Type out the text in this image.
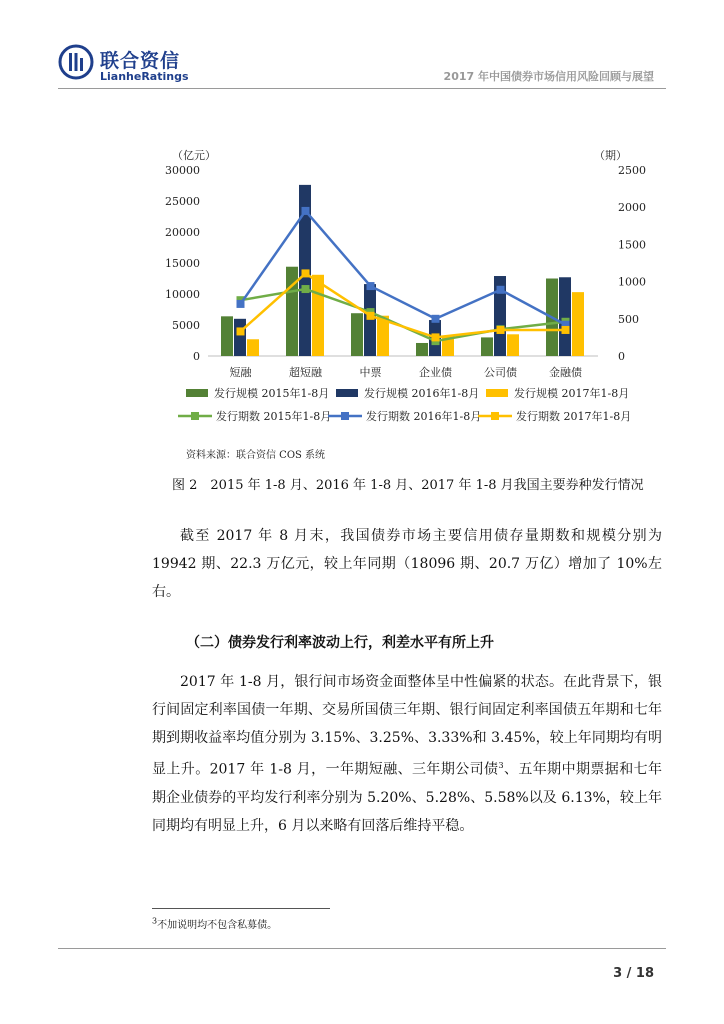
联合资信
LianheRatings	2017 年中国债券市场信用风险回顾与展望
（亿元）	（期）
0
5000
10000
15000
20000
25000
30000
0
500
1000
1500
2000
2500
短融	超短融	中票	企业债	公司债	金融债
发行规模 2015年1-8月	发行规模 2016年1-8月	发行规模 2017年1-8月
发行期数 2015年1-8月	发行期数 2016年1-8月	发行期数 2017年1-8月
资料来源：联合资信 COS 系统
图 2　2015 年 1-8 月、2016 年 1-8 月、2017 年 1-8 月我国主要券种发行情况
截至 2017 年 8 月末，我国债券市场主要信用债存量期数和规模分别为 19942 期、22.3 万亿元，较上年同期（18096 期、20.7 万亿）增加了 10%左右。
（二）债券发行利率波动上行，利差水平有所上升
2017 年 1-8 月，银行间市场资金面整体呈中性偏紧的状态。在此背景下，银行间固定利率国债一年期、交易所国债三年期、银行间固定利率国债五年期和七年期到期收益率均值分别为 3.15%、3.25%、3.33%和 3.45%，较上年同期均有明显上升。2017 年 1-8 月，一年期短融、三年期公司债$^3$、五年期中期票据和七年期企业债券的平均发行利率分别为 5.20%、5.28%、5.58%以及 6.13%，较上年同期均有明显上升，6 月以来略有回落后维持平稳。
$^3$不加说明均不包含私募债。
3 / 18
